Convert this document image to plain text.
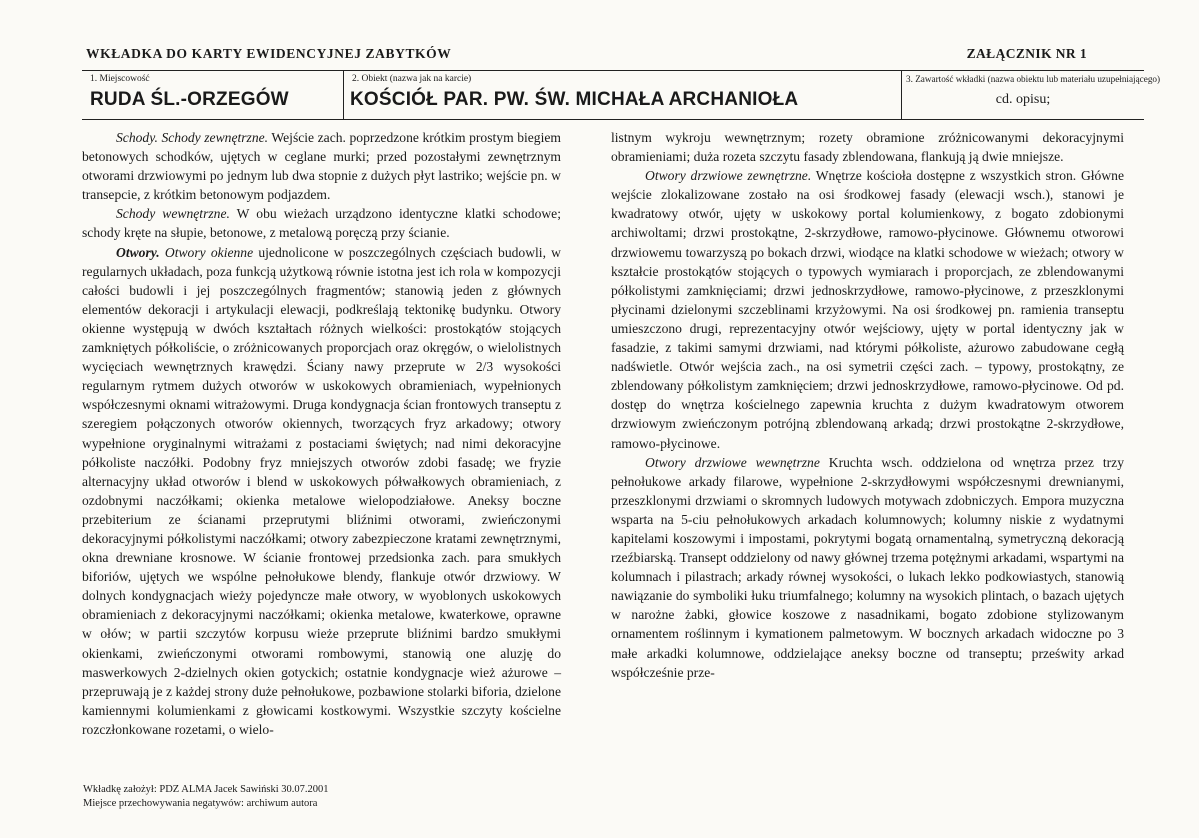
WKŁADKA DO KARTY EWIDENCYJNEJ ZABYTKÓW	ZAŁĄCZNIK NR 1
1. Miejscowość
RUDA ŚL.-ORZEGÓW
2. Obiekt (nazwa jak na karcie)
KOŚCIÓŁ PAR. PW. ŚW. MICHAŁA ARCHANIOŁA
3. Zawartość wkładki (nazwa obiektu lub materiału uzupełniającego)
cd. opisu;

Schody. Schody zewnętrzne. Wejście zach. poprzedzone krótkim prostym biegiem betonowych schodków, ujętych w ceglane murki; przed pozostałymi zewnętrznym otworami drzwiowymi po jednym lub dwa stopnie z dużych płyt lastriko; wejście pn. w transepcie, z krótkim betonowym podjazdem.

Schody wewnętrzne. W obu wieżach urządzono identyczne klatki schodowe; schody kręte na słupie, betonowe, z metalową poręczą przy ścianie.

Otwory. Otwory okienne ujednolicone w poszczególnych częściach budowli, w regularnych układach, poza funkcją użytkową równie istotna jest ich rola w kompozycji całości budowli i jej poszczególnych fragmentów; stanowią jeden z głównych elementów dekoracji i artykulacji elewacji, podkreślają tektonikę budynku. Otwory okienne występują w dwóch kształtach różnych wielkości: prostokątów stojących zamkniętych półkoliście, o zróżnicowanych proporcjach oraz okręgów, o wielolistnych wycięciach wewnętrznych krawędzi. Ściany nawy przeprute w 2/3 wysokości regularnym rytmem dużych otworów w uskokowych obramieniach, wypełnionych współczesnymi oknami witrażowymi. Druga kondygnacja ścian frontowych transeptu z szeregiem połączonych otworów okiennych, tworzących fryz arkadowy; otwory wypełnione oryginalnymi witrażami z postaciami świętych; nad nimi dekoracyjne półkoliste naczółki. Podobny fryz mniejszych otworów zdobi fasadę; we fryzie alternacyjny układ otworów i blend w uskokowych półwałkowych obramieniach, z ozdobnymi naczółkami; okienka metalowe wielopodziałowe. Aneksy boczne przebiterium ze ścianami przeprutymi bliźnimi otworami, zwieńczonymi dekoracyjnymi półkolistymi naczółkami; otwory zabezpieczone kratami zewnętrznymi, okna drewniane krosnowe. W ścianie frontowej przedsionka zach. para smukłych biforiów, ujętych we wspólne pełnołukowe blendy, flankuje otwór drzwiowy. W dolnych kondygnacjach wieży pojedyncze małe otwory, w wyoblonych uskokowych obramieniach z dekoracyjnymi naczółkami; okienka metalowe, kwaterkowe, oprawne w ołów; w partii szczytów korpusu wieże przeprute bliźnimi bardzo smukłymi okienkami, zwieńczonymi otworami rombowymi, stanowią one aluzję do maswerkowych 2-dzielnych okien gotyckich; ostatnie kondygnacje wież ażurowe – przepruwają je z każdej strony duże pełnołukowe, pozbawione stolarki biforia, dzielone kamiennymi kolumienkami z głowicami kostkowymi. Wszystkie szczyty kościelne rozczłonkowane rozetami, o wielo-

listnym wykroju wewnętrznym; rozety obramione zróżnicowanymi dekoracyjnymi obramieniami; duża rozeta szczytu fasady zblendowana, flankują ją dwie mniejsze.

Otwory drzwiowe zewnętrzne. Wnętrze kościoła dostępne z wszystkich stron. Główne wejście zlokalizowane zostało na osi środkowej fasady (elewacji wsch.), stanowi je kwadratowy otwór, ujęty w uskokowy portal kolumienkowy, z bogato zdobionymi archiwoltami; drzwi prostokątne, 2-skrzydłowe, ramowo-płycinowe. Głównemu otworowi drzwiowemu towarzyszą po bokach drzwi, wiodące na klatki schodowe w wieżach; otwory w kształcie prostokątów stojących o typowych wymiarach i proporcjach, ze zblendowanymi półkolistymi zamknięciami; drzwi jednoskrzydłowe, ramowo-płycinowe, z przeszklonymi płycinami dzielonymi szczeblinami krzyżowymi. Na osi środkowej pn. ramienia transeptu umieszczono drugi, reprezentacyjny otwór wejściowy, ujęty w portal identyczny jak w fasadzie, z takimi samymi drzwiami, nad którymi półkoliste, ażurowo zabudowane cegłą nadświetle. Otwór wejścia zach., na osi symetrii części zach. – typowy, prostokątny, ze zblendowany półkolistym zamknięciem; drzwi jednoskrzydłowe, ramowo-płycinowe. Od pd. dostęp do wnętrza kościelnego zapewnia kruchta z dużym kwadratowym otworem drzwiowym zwieńczonym potrójną zblendowaną arkadą; drzwi prostokątne 2-skrzydłowe, ramowo-płycinowe.

Otwory drzwiowe wewnętrzne Kruchta wsch. oddzielona od wnętrza przez trzy pełnołukowe arkady filarowe, wypełnione 2-skrzydłowymi współczesnymi drewnianymi, przeszklonymi drzwiami o skromnych ludowych motywach zdobniczych. Empora muzyczna wsparta na 5-ciu pełnołukowych arkadach kolumnowych; kolumny niskie z wydatnymi kapitelami koszowymi i impostami, pokrytymi bogatą ornamentalną, symetryczną dekoracją rzeźbiarską. Transept oddzielony od nawy głównej trzema potężnymi arkadami, wspartymi na kolumnach i pilastrach; arkady równej wysokości, o lukach lekko podkowiastych, stanowią nawiązanie do symboliki łuku triumfalnego; kolumny na wysokich plintach, o bazach ujętych w narożne żabki, głowice koszowe z nasadnikami, bogato zdobione stylizowanym ornamentem roślinnym i kymationem palmetowym. W bocznych arkadach widoczne po 3 małe arkadki kolumnowe, oddzielające aneksy boczne od transeptu; prześwity arkad współcześnie prze-

Wkładkę założył: PDZ ALMA Jacek Sawiński 30.07.2001
Miejsce przechowywania negatywów: archiwum autora
